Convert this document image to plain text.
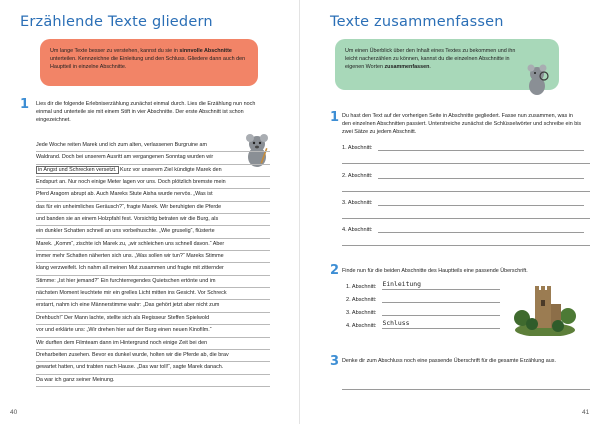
Erzählende Texte gliedern
Um lange Texte besser zu verstehen, kannst du sie in sinnvolle Abschnitte unterteilen. Kennzeichne die Einleitung und den Schluss. Gliedere dann auch den Hauptteil in einzelne Abschnitte.
1 Lies dir die folgende Erlebniserzählung zunächst einmal durch. Lies die Erzählung nun noch einmal und unterteile sie mit einem Stift in vier Abschnitte. Der erste Abschnitt ist schon eingezeichnet.
Jede Woche reiten Marek und ich zum alten, verlassenen Burgruine am
Waldrand. Doch bei unserem Ausritt am vergangenen Sonntag wurden wir
in Angst und Schrecken versetzt. Kurz vor unserem Ziel kündigte Marek den
Endspurt an. Nur noch einige Meter lagen vor uns. Doch plötzlich bremste mein
Pferd Aragorn abrupt ab. Auch Mareks Stute Aisha wurde nervös. „Was ist
das für ein unheimliches Geräusch?“, fragte Marek. Wir beruhigten die Pferde
und banden sie an einem Holzpfahl fest. Vorsichtig betraten wir die Burg, als
ein dunkler Schatten schnell an uns vorbeihuschte. „Wie gruselig“, flüsterte
Marek. „Komm“, zischte ich Marek zu, „wir schleichen uns schnell davon.“ Aber
immer mehr Schatten näherten sich uns. „Was sollen wir tun?“ Mareks Stimme
klang verzweifelt. Ich nahm all meinen Mut zusammen und fragte mit zitternder
Stimme: „Ist hier jemand?“ Ein furchterregendes Quietschen ertönte und im
nächsten Moment leuchtete mir ein grelles Licht mitten ins Gesicht. Vor Schreck
erstarrt, nahm ich eine Männerstimme wahr: „Das gehört jetzt aber nicht zum
Drehbuch!“ Der Mann lachte, stellte sich als Regisseur Steffen Spielwold
vor und erklärte uns: „Wir drehen hier auf der Burg einen neuen Kinofilm.“
Wir durften dem Filmteam dann im Hintergrund noch einige Zeit bei den
Dreharbeiten zusehen. Bevor es dunkel wurde, holten wir die Pferde ab, die brav
gewartet hatten, und trabten nach Hause. „Das war toll!“, sagte Marek danach.
Da war ich ganz seiner Meinung.
40
Texte zusammenfassen
Um einen Überblick über den Inhalt eines Textes zu bekommen und ihn leicht nacherzählen zu können, kannst du die einzelnen Abschnitte in eigenen Worten zusammenfassen.
1 Du hast den Text auf der vorherigen Seite in Abschnitte gegliedert. Fasse nun zusammen, was in den einzelnen Abschnitten passiert. Unterstreiche zunächst die Schlüsselwörter und schreibe ein bis zwei Sätze zu jedem Abschnitt.
1. Abschnitt:
2. Abschnitt:
3. Abschnitt:
4. Abschnitt:
2 Finde nun für die beiden Abschnitte des Hauptteils eine passende Überschrift.
1. Abschnitt: Einleitung
2. Abschnitt:
3. Abschnitt:
4. Abschnitt: Schluss
3 Denke dir zum Abschluss noch eine passende Überschrift für die gesamte Erzählung aus.
41
